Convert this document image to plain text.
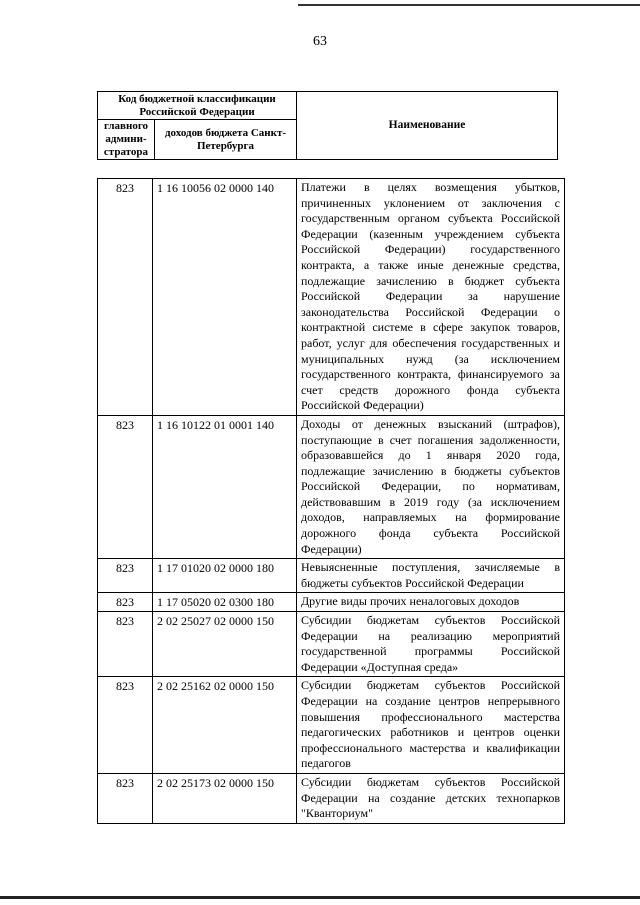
63
Код бюджетной классификации Российской Федерации		Наименование
главного админи-стратора	доходов бюджета Санкт-Петербурга	
823	1 16 10056 02 0000 140	Платежи в целях возмещения убытков, причиненных уклонением от заключения с государственным органом субъекта Российской Федерации (казенным учреждением субъекта Российской Федерации) государственного контракта, а также иные денежные средства, подлежащие зачислению в бюджет субъекта Российской Федерации за нарушение законодательства Российской Федерации о контрактной системе в сфере закупок товаров, работ, услуг для обеспечения государственных и муниципальных нужд (за исключением государственного контракта, финансируемого за счет средств дорожного фонда субъекта Российской Федерации)
823	1 16 10122 01 0001 140	Доходы от денежных взысканий (штрафов), поступающие в счет погашения задолженности, образовавшейся до 1 января 2020 года, подлежащие зачислению в бюджеты субъектов Российской Федерации, по нормативам, действовавшим в 2019 году (за исключением доходов, направляемых на формирование дорожного фонда субъекта Российской Федерации)
823	1 17 01020 02 0000 180	Невыясненные поступления, зачисляемые в бюджеты субъектов Российской Федерации
823	1 17 05020 02 0300 180	Другие виды прочих неналоговых доходов
823	2 02 25027 02 0000 150	Субсидии бюджетам субъектов Российской Федерации на реализацию мероприятий государственной программы Российской Федерации «Доступная среда»
823	2 02 25162 02 0000 150	Субсидии бюджетам субъектов Российской Федерации на создание центров непрерывного повышения профессионального мастерства педагогических работников и центров оценки профессионального мастерства и квалификации педагогов
823	2 02 25173 02 0000 150	Субсидии бюджетам субъектов Российской Федерации на создание детских технопарков "Кванториум"
